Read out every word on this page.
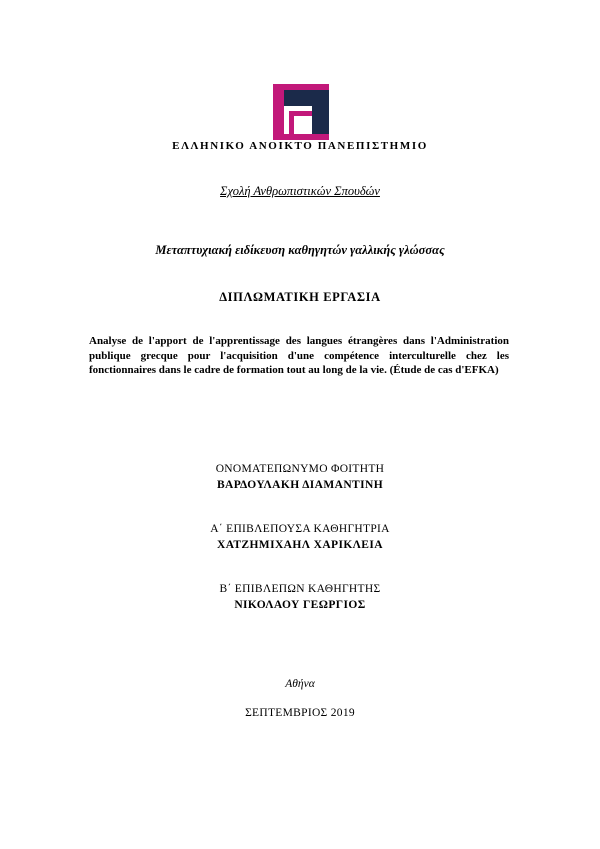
ΕΛΛΗΝΙΚΟ ΑΝΟΙΚΤΟ ΠΑΝΕΠΙΣΤΗΜΙΟ
Σχολή Ανθρωπιστικών Σπουδών
Μεταπτυχιακή ειδίκευση καθηγητών γαλλικής γλώσσας
ΔΙΠΛΩΜΑΤΙΚΗ ΕΡΓΑΣΙΑ
Analyse de l'apport de l'apprentissage des langues étrangères dans l'Administration publique grecque pour l'acquisition d'une compétence interculturelle chez les fonctionnaires dans le cadre de formation tout au long de la vie. (Étude de cas d'EFKA)
ΟΝΟΜΑΤΕΠΩΝΥΜΟ ΦΟΙΤΗΤΗ
ΒΑΡΔΟΥΛΑΚΗ ΔΙΑΜΑΝΤΙΝΗ
Α΄ ΕΠΙΒΛΕΠΟΥΣΑ ΚΑΘΗΓΗΤΡΙΑ
ΧΑΤΖΗΜΙΧΑΗΛ ΧΑΡΙΚΛΕΙΑ
Β΄ ΕΠΙΒΛΕΠΩΝ ΚΑΘΗΓΗΤΗΣ
ΝΙΚΟΛΑΟΥ ΓΕΩΡΓΙΟΣ
Αθήνα
ΣΕΠΤΕΜΒΡΙΟΣ 2019
